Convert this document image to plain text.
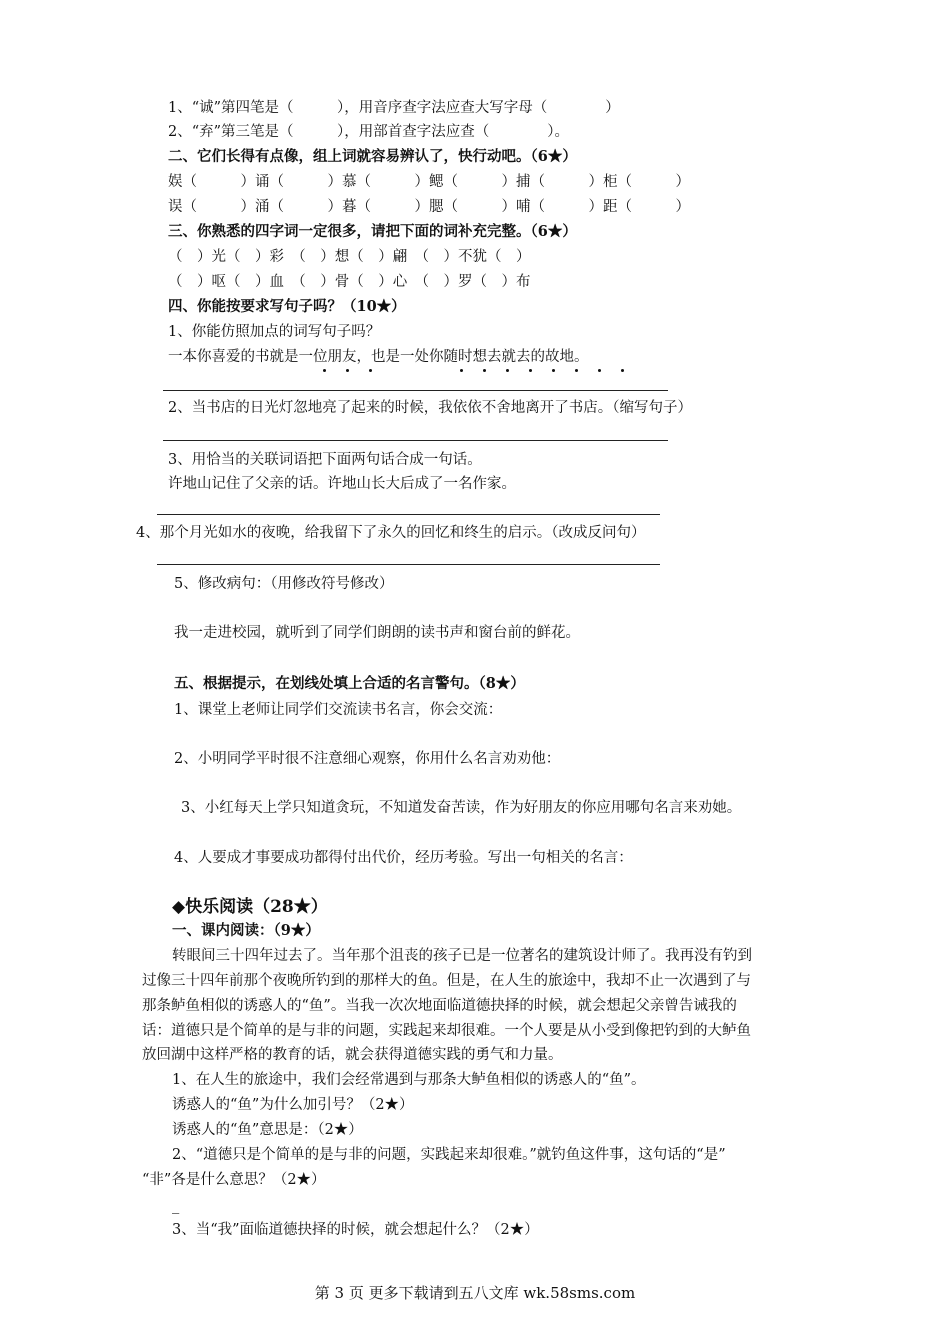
1、“诚”第四笔是（　　　），用音序查字法应查大写字母（　　　　）
2、“弃”第三笔是（　　　），用部首查字法应查（　　　　）。
二、它们长得有点像，组上词就容易辨认了，快行动吧。（6★）
娱（　　　）诵（　　　）慕（　　　）鳃（　　　）捕（　　　）柜（　　　）
误（　　　）涌（　　　）暮（　　　）腮（　　　）哺（　　　）距（　　　）
三、你熟悉的四字词一定很多，请把下面的词补充完整。（6★）
（　）光（　）彩　（　）想（　）翩　（　）不犹（　）
（　）呕（　）血　（　）骨（　）心　（　）罗（　）布
四、你能按要求写句子吗？（10★）
1、你能仿照加点的词写句子吗？
一本你喜爱的书就是一位朋友，也是一处你随时想去就去的故地。
2、当书店的日光灯忽地亮了起来的时候，我依依不舍地离开了书店。（缩写句子）
3、用恰当的关联词语把下面两句话合成一句话。
许地山记住了父亲的话。许地山长大后成了一名作家。
4、那个月光如水的夜晚，给我留下了永久的回忆和终生的启示。（改成反问句）
5、修改病句：（用修改符号修改）
我一走进校园，就听到了同学们朗朗的读书声和窗台前的鲜花。
五、根据提示，在划线处填上合适的名言警句。（8★）
1、课堂上老师让同学们交流读书名言，你会交流：
2、小明同学平时很不注意细心观察，你用什么名言劝劝他：
3、小红每天上学只知道贪玩，不知道发奋苦读，作为好朋友的你应用哪句名言来劝她。
4、人要成才事要成功都得付出代价，经历考验。写出一句相关的名言：
◆快乐阅读（28★）
一、课内阅读：（9★）
转眼间三十四年过去了。当年那个沮丧的孩子已是一位著名的建筑设计师了。我再没有钓到
过像三十四年前那个夜晚所钓到的那样大的鱼。但是，在人生的旅途中，我却不止一次遇到了与
那条鲈鱼相似的诱惑人的“鱼”。当我一次次地面临道德抉择的时候，就会想起父亲曾告诫我的
话：道德只是个简单的是与非的问题，实践起来却很难。一个人要是从小受到像把钓到的大鲈鱼
放回湖中这样严格的教育的话，就会获得道德实践的勇气和力量。
1、在人生的旅途中，我们会经常遇到与那条大鲈鱼相似的诱惑人的“鱼”。
诱惑人的“鱼”为什么加引号？（2★）
诱惑人的“鱼”意思是：（2★）
2、“道德只是个简单的是与非的问题，实践起来却很难。”就钓鱼这件事，这句话的“是”
“非”各是什么意思？（2★）
_
3、当“我”面临道德抉择的时候，就会想起什么？（2★）
第 3 页 更多下载请到五八文库 wk.58sms.com
